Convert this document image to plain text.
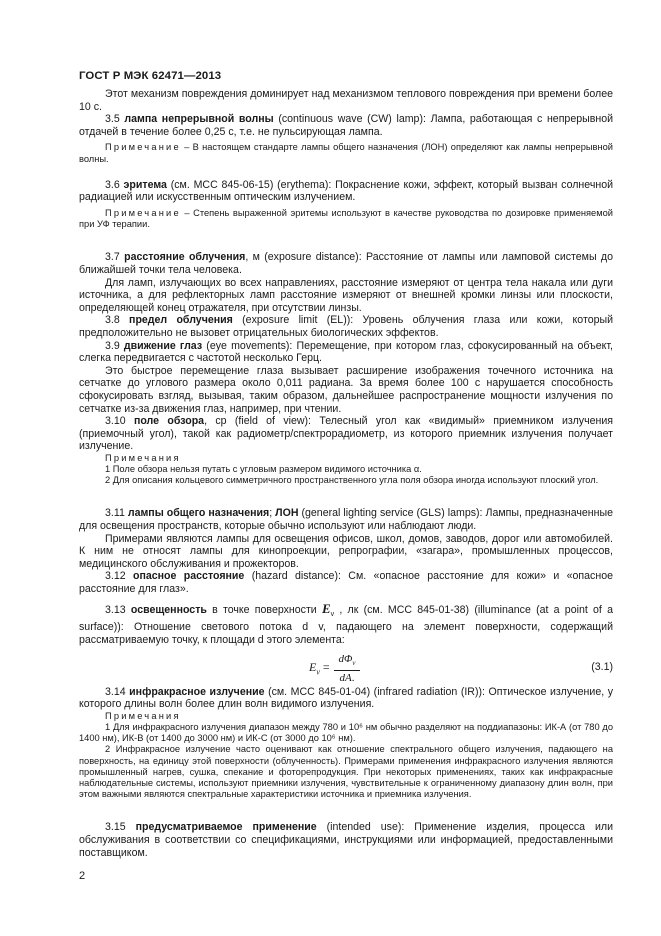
ГОСТ Р МЭК 62471—2013

Этот механизм повреждения доминирует над механизмом теплового повреждения при времени более 10 с.

3.5 лампа непрерывной волны (continuous wave (CW) lamp): Лампа, работающая с непрерывной отдачей в течение более 0,25 с, т.е. не пульсирующая лампа.

Примечание – В настоящем стандарте лампы общего назначения (ЛОН) определяют как лампы непрерывной волны.

3.6 эритема (см. МСС 845-06-15) (erythema): Покраснение кожи, эффект, который вызван солнечной радиацией или искусственным оптическим излучением.

Примечание – Степень выраженной эритемы используют в качестве руководства по дозировке применяемой при УФ терапии.

3.7 расстояние облучения, м (exposure distance): Расстояние от лампы или ламповой системы до ближайшей точки тела человека.

Для ламп, излучающих во всех направлениях, расстояние измеряют от центра тела накала или дуги источника, а для рефлекторных ламп расстояние измеряют от внешней кромки линзы или плоскости, определяющей конец отражателя, при отсутствии линзы.

3.8 предел облучения (exposure limit (EL)): Уровень облучения глаза или кожи, который предположительно не вызовет отрицательных биологических эффектов.

3.9 движение глаз (eye movements): Перемещение, при котором глаз, сфокусированный на объект, слегка передвигается с частотой несколько Герц.

Это быстрое перемещение глаза вызывает расширение изображения точечного источника на сетчатке до углового размера около 0,011 радиана. За время более 100 с нарушается способность сфокусировать взгляд, вызывая, таким образом, дальнейшее распространение мощности излучения по сетчатке из-за движения глаз, например, при чтении.

3.10 поле обзора, ср (field of view): Телесный угол как «видимый» приемником излучения (приемочный угол), такой как радиометр/спектрорадиометр, из которого приемник излучения получает излучение.

Примечания

1 Поле обзора нельзя путать с угловым размером видимого источника α.

2 Для описания кольцевого симметричного пространственного угла поля обзора иногда используют плоский угол.

3.11 лампы общего назначения; ЛОН (general lighting service (GLS) lamps): Лампы, предназначенные для освещения пространств, которые обычно используют или наблюдают люди.

Примерами являются лампы для освещения офисов, школ, домов, заводов, дорог или автомобилей. К ним не относят лампы для кинопроекции, репрографии, «загара», промышленных процессов, медицинского обслуживания и прожекторов.

3.12 опасное расстояние (hazard distance): См. «опасное расстояние для кожи» и «опасное расстояние для глаз».

3.13 освещенность в точке поверхности $E_v$ , лк (см. МСС 845-01-38) (illuminance (at a point of a surface)): Отношение светового потока d v, падающего на элемент поверхности, содержащий рассматриваемую точку, к площади d этого элемента:

$E_v$ =
$d\Phi_v$
dA.
(3.1)

3.14 инфракрасное излучение (см. МСС 845-01-04) (infrared radiation (IR)): Оптическое излучение, у которого длины волн более длин волн видимого излучения.

Примечания

1 Для инфракрасного излучения диапазон между 780 и 10⁶ нм обычно разделяют на поддиапазоны: ИК-А (от 780 до 1400 нм), ИК-В (от 1400 до 3000 нм) и ИК-С (от 3000 до 10⁶ нм).

2 Инфракрасное излучение часто оценивают как отношение спектрального общего излучения, падающего на поверхность, на единицу этой поверхности (облученность). Примерами применения инфракрасного излучения являются промышленный нагрев, сушка, спекание и фоторепродукция. При некоторых применениях, таких как инфракрасные наблюдательные системы, используют приемники излучения, чувствительные к ограниченному диапазону длин волн, при этом важными являются спектральные характеристики источника и приемника излучения.

3.15 предусматриваемое применение (intended use): Применение изделия, процесса или обслуживания в соответствии со спецификациями, инструкциями или информацией, предоставленными поставщиком.

2
